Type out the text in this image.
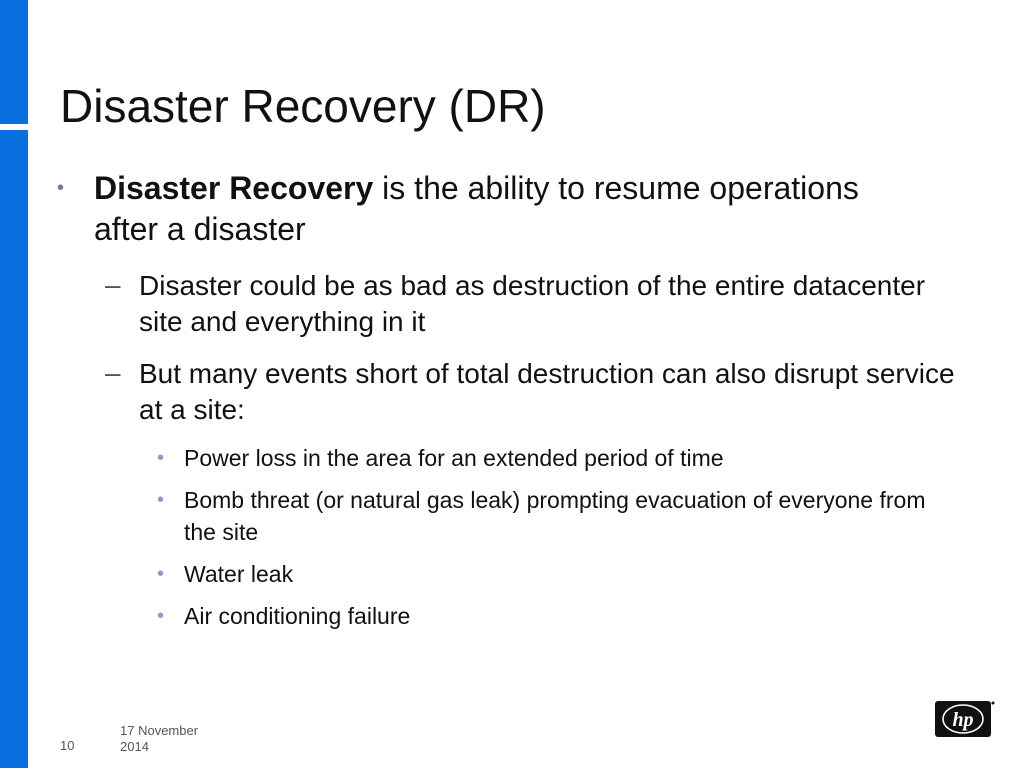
Disaster Recovery (DR)
• Disaster Recovery is the ability to resume operations after a disaster
– Disaster could be as bad as destruction of the entire datacenter site and everything in it
– But many events short of total destruction can also disrupt service at a site:
• Power loss in the area for an extended period of time
• Bomb threat (or natural gas leak) prompting evacuation of everyone from the site
• Water leak
• Air conditioning failure
10
17 November 2014
hp
